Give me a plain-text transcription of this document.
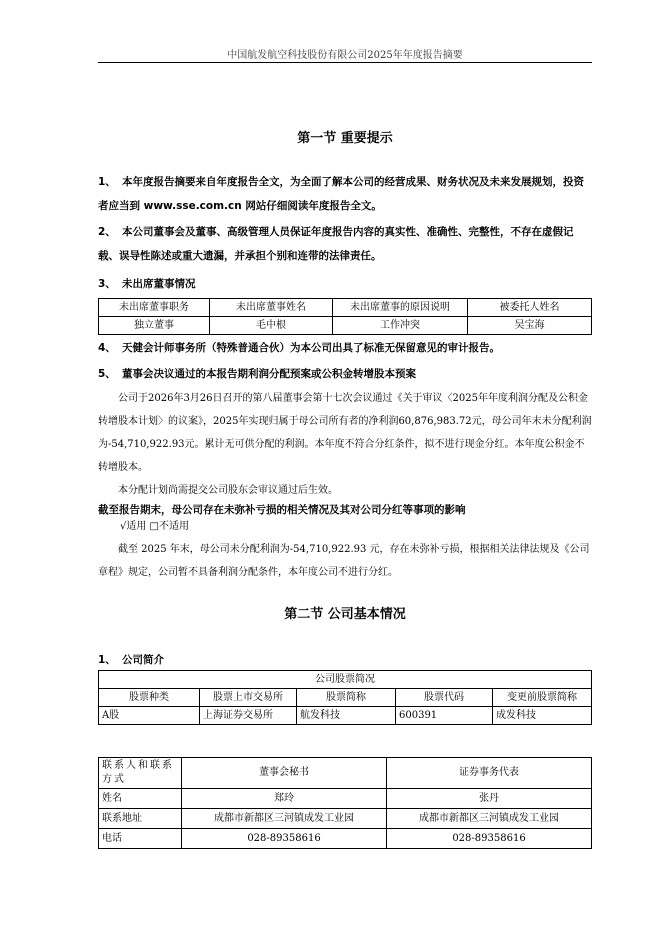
中国航发航空科技股份有限公司2025年年度报告摘要
第一节 重要提示
1、 本年度报告摘要来自年度报告全文，为全面了解本公司的经营成果、财务状况及未来发展规划，投资者应当到 www.sse.com.cn 网站仔细阅读年度报告全文。
2、 本公司董事会及董事、高级管理人员保证年度报告内容的真实性、准确性、完整性，不存在虚假记载、误导性陈述或重大遗漏，并承担个别和连带的法律责任。
3、 未出席董事情况
未出席董事职务	未出席董事姓名	未出席董事的原因说明	被委托人姓名
独立董事	毛中根	工作冲突	吴宝海
4、 天健会计师事务所（特殊普通合伙）为本公司出具了标准无保留意见的审计报告。
5、 董事会决议通过的本报告期利润分配预案或公积金转增股本预案
公司于2026年3月26日召开的第八届董事会第十七次会议通过《关于审议〈2025年年度利润分配及公积金转增股本计划〉的议案》，2025年实现归属于母公司所有者的净利润60,876,983.72元，母公司年末未分配利润为-54,710,922.93元。累计无可供分配的利润。本年度不符合分红条件，拟不进行现金分红。本年度公积金不转增股本。
本分配计划尚需提交公司股东会审议通过后生效。
截至报告期末，母公司存在未弥补亏损的相关情况及其对公司分红等事项的影响
√适用 □不适用
截至 2025 年末，母公司未分配利润为-54,710,922.93 元，存在未弥补亏损，根据相关法律法规及《公司章程》规定，公司暂不具备利润分配条件，本年度公司不进行分红。
第二节 公司基本情况
1、 公司简介
公司股票简况				
股票种类	股票上市交易所	股票简称	股票代码	变更前股票简称
A股	上海证券交易所	航发科技	600391	成发科技
联系人和联系方式	董事会秘书	证券事务代表
姓名	郑玲	张丹
联系地址	成都市新都区三河镇成发工业园	成都市新都区三河镇成发工业园
电话	028-89358616	028-89358616
